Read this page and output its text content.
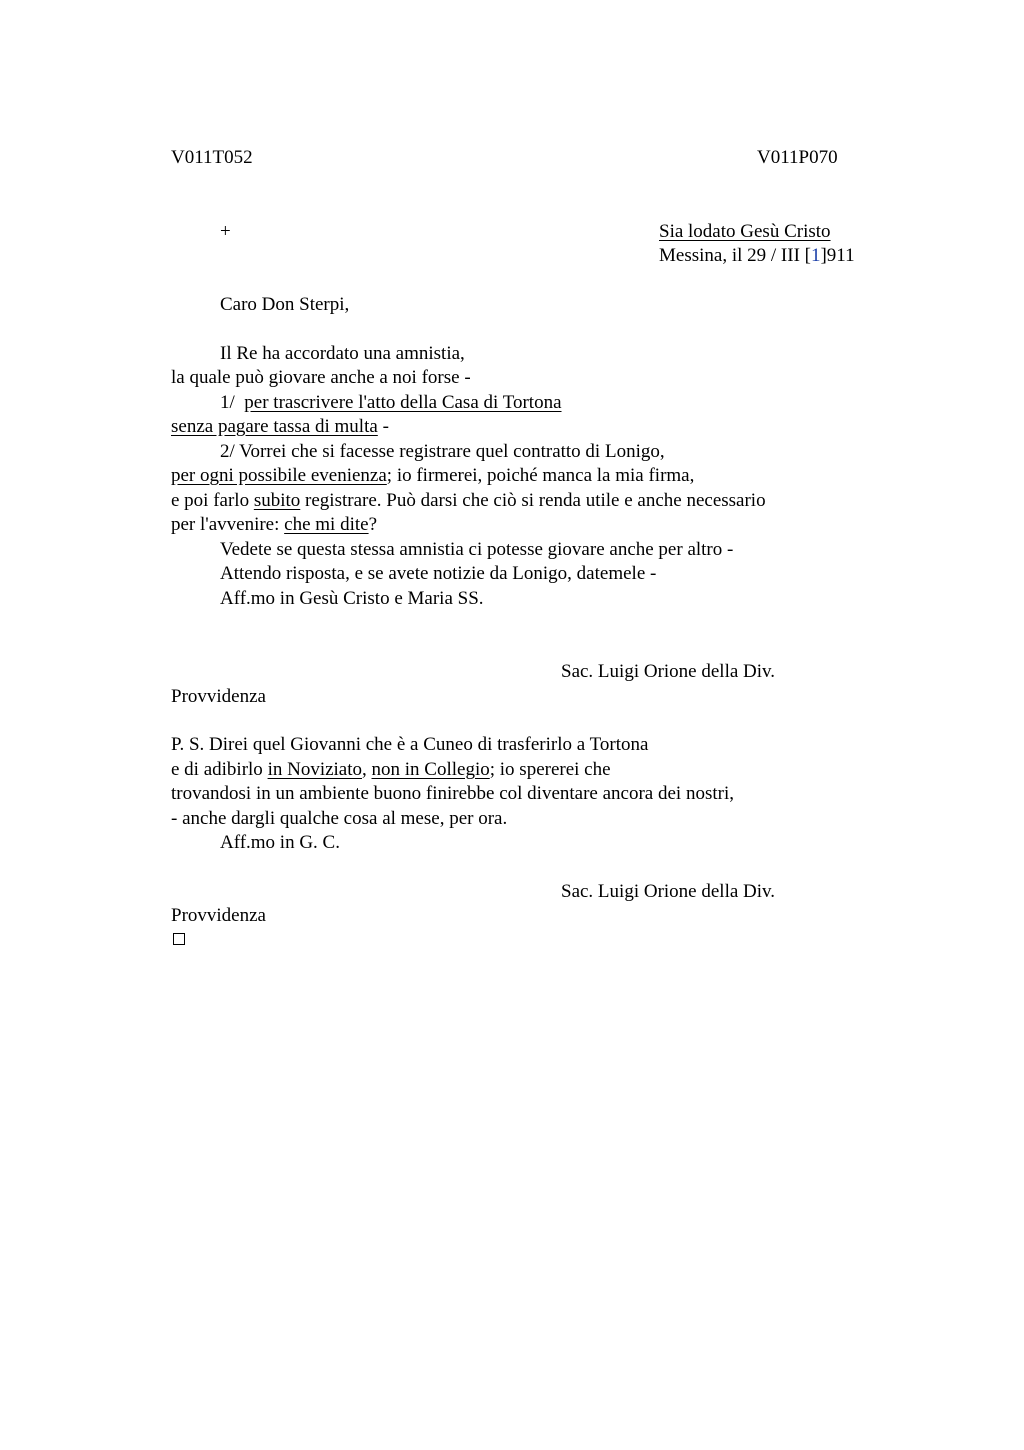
V011T052	V011P070
+	Sia lodato Gesù Cristo
Messina, il 29 / III [1]911
Caro Don Sterpi,
Il Re ha accordato una amnistia,
la quale può giovare anche a noi forse -
1/  per trascrivere l'atto della Casa di Tortona
senza pagare tassa di multa -
2/ Vorrei che si facesse registrare quel contratto di Lonigo,
per ogni possibile evenienza; io firmerei, poiché manca la mia firma,
e poi farlo subito registrare. Può darsi che ciò si renda utile e anche necessario
per l'avvenire: che mi dite?
Vedete se questa stessa amnistia ci potesse giovare anche per altro -
Attendo risposta, e se avete notizie da Lonigo, datemele -
Aff.mo in Gesù Cristo e Maria SS.
Sac. Luigi Orione della Div.
Provvidenza
P. S. Direi quel Giovanni che è a Cuneo di trasferirlo a Tortona
e di adibirlo in Noviziato, non in Collegio; io spererei che
trovandosi in un ambiente buono finirebbe col diventare ancora dei nostri,
- anche dargli qualche cosa al mese, per ora.
Aff.mo in G. C.
Sac. Luigi Orione della Div.
Provvidenza
